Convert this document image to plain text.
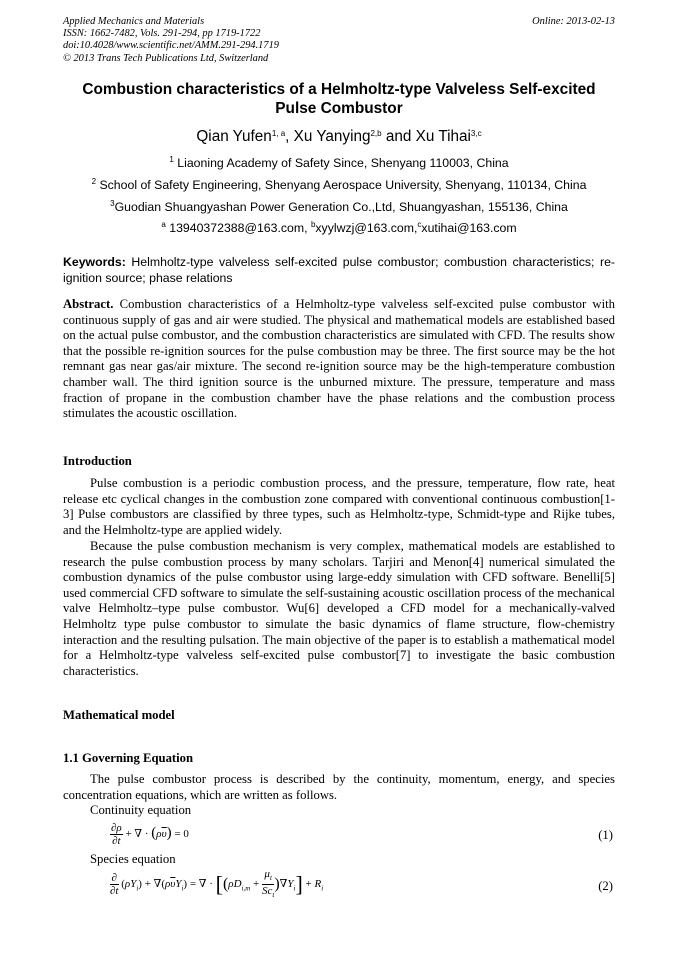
Applied Mechanics and Materials
ISSN: 1662-7482, Vols. 291-294, pp 1719-1722
doi:10.4028/www.scientific.net/AMM.291-294.1719
© 2013 Trans Tech Publications Ltd, Switzerland
Online: 2013-02-13
Combustion characteristics of a Helmholtz-type Valveless Self-excited Pulse Combustor
Qian Yufen$^{1, a}$, Xu Yanying$^{2,b}$ and Xu Tihai$^{3,c}$
$^1$ Liaoning Academy of Safety Since, Shenyang 110003, China
$^2$ School of Safety Engineering, Shenyang Aerospace University, Shenyang, 110134, China
$^3$Guodian Shuangyashan Power Generation Co.,Ltd, Shuangyashan, 155136, China
$^a$ 13940372388@163.com, $^b$xyylwzj@163.com,$^c$xutihai@163.com
Keywords: Helmholtz-type valveless self-excited pulse combustor; combustion characteristics; re-ignition source; phase relations
Abstract. Combustion characteristics of a Helmholtz-type valveless self-excited pulse combustor with continuous supply of gas and air were studied. The physical and mathematical models are established based on the actual pulse combustor, and the combustion characteristics are simulated with CFD. The results show that the possible re-ignition sources for the pulse combustion may be three. The first source may be the hot remnant gas near gas/air mixture. The second re-ignition source may be the high-temperature combustion chamber wall. The third ignition source is the unburned mixture. The pressure, temperature and mass fraction of propane in the combustion chamber have the phase relations and the combustion process stimulates the acoustic oscillation.
Introduction
Pulse combustion is a periodic combustion process, and the pressure, temperature, flow rate, heat release etc cyclical changes in the combustion zone compared with conventional continuous combustion[1-3] Pulse combustors are classified by three types, such as Helmholtz-type, Schmidt-type and Rijke tubes, and the Helmholtz-type are applied widely.
Because the pulse combustion mechanism is very complex, mathematical models are established to research the pulse combustion process by many scholars. Tarjiri and Menon[4] numerical simulated the combustion dynamics of the pulse combustor using large-eddy simulation with CFD software. Benelli[5] used commercial CFD software to simulate the self-sustaining acoustic oscillation process of the mechanical valve Helmholtz–type pulse combustor. Wu[6] developed a CFD model for a mechanically-valved Helmholtz type pulse combustor to simulate the basic dynamics of flame structure, flow-chemistry interaction and the resulting pulsation. The main objective of the paper is to establish a mathematical model for a Helmholtz-type valveless self-excited pulse combustor[7] to investigate the basic combustion characteristics.
Mathematical model
1.1 Governing Equation
The pulse combustor process is described by the continuity, momentum, energy, and species concentration equations, which are written as follows.
Continuity equation
$\frac{\partial\rho}{\partial t}$ + ∇ · $(\rho\overline{\upsilon}) = 0$	(1)
Species equation
$\frac{\partial}{\partial t} (\rho Y_i) + \nabla(\rho\overline{\upsilon}Y_i)$ = ∇ · $[(\rho D_{i,m} + \frac{\mu_t}{Sc_t} )\nabla Y_i] + R_i$	(2)
